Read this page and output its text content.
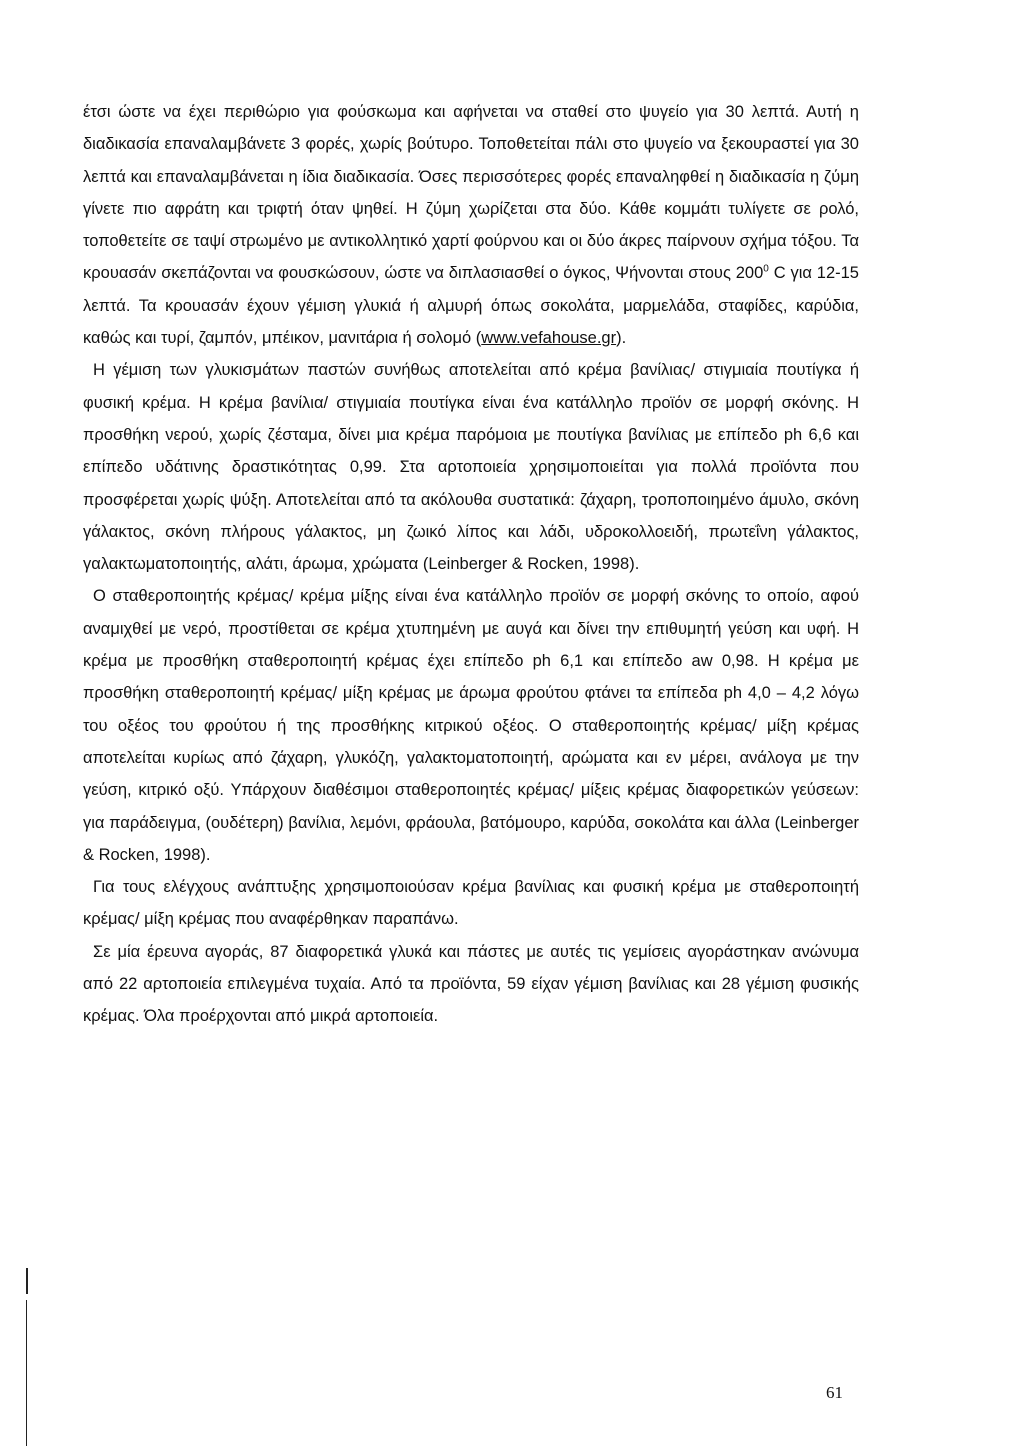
έτσι ώστε να έχει περιθώριο για φούσκωμα και αφήνεται να σταθεί στο ψυγείο για 30 λεπτά. Αυτή η διαδικασία επαναλαμβάνετε 3 φορές, χωρίς βούτυρο. Τοποθετείται πάλι στο ψυγείο να ξεκουραστεί για 30 λεπτά και επαναλαμβάνεται η ίδια διαδικασία. Όσες περισσότερες φορές επαναληφθεί η διαδικασία η ζύμη γίνετε πιο αφράτη και τριφτή όταν ψηθεί. Η ζύμη χωρίζεται στα δύο. Κάθε κομμάτι τυλίγετε σε ρολό, τοποθετείτε σε ταψί στρωμένο με αντικολλητικό χαρτί φούρνου και οι δύο άκρες παίρνουν σχήμα τόξου. Τα κρουασάν σκεπάζονται να φουσκώσουν, ώστε να διπλασιασθεί ο όγκος, Ψήνονται στους $200^0$ C για 12-15 λεπτά. Τα κρουασάν έχουν γέμιση γλυκιά ή αλμυρή όπως σοκολάτα, μαρμελάδα, σταφίδες, καρύδια, καθώς και τυρί, ζαμπόν, μπέικον, μανιτάρια ή σολομό (www.vefahouse.gr).

Η γέμιση των γλυκισμάτων παστών συνήθως αποτελείται από κρέμα βανίλιας/ στιγμιαία πουτίγκα ή φυσική κρέμα. Η κρέμα βανίλια/ στιγμιαία πουτίγκα είναι ένα κατάλληλο προϊόν σε μορφή σκόνης. Η προσθήκη νερού, χωρίς ζέσταμα, δίνει μια κρέμα παρόμοια με πουτίγκα βανίλιας με επίπεδο ph 6,6 και επίπεδο υδάτινης δραστικότητας 0,99. Στα αρτοποιεία χρησιμοποιείται για πολλά προϊόντα που προσφέρεται χωρίς ψύξη. Αποτελείται από τα ακόλουθα συστατικά: ζάχαρη, τροποποιημένο άμυλο, σκόνη γάλακτος, σκόνη πλήρους γάλακτος, μη ζωικό λίπος και λάδι, υδροκολλοειδή, πρωτεΐνη γάλακτος, γαλακτωματοποιητής, αλάτι, άρωμα, χρώματα (Leinberger & Rocken, 1998).

Ο σταθεροποιητής κρέμας/ κρέμα μίξης είναι ένα κατάλληλο προϊόν σε μορφή σκόνης το οποίο, αφού αναμιχθεί με νερό, προστίθεται σε κρέμα χτυπημένη με αυγά και δίνει την επιθυμητή γεύση και υφή. Η κρέμα με προσθήκη σταθεροποιητή κρέμας έχει επίπεδο ph 6,1 και επίπεδο aw 0,98. Η κρέμα με προσθήκη σταθεροποιητή κρέμας/ μίξη κρέμας με άρωμα φρούτου φτάνει τα επίπεδα ph 4,0 – 4,2 λόγω του οξέος του φρούτου ή της προσθήκης κιτρικού οξέος. Ο σταθεροποιητής κρέμας/ μίξη κρέμας αποτελείται κυρίως από ζάχαρη, γλυκόζη, γαλακτοματοποιητή, αρώματα και εν μέρει, ανάλογα με την γεύση, κιτρικό οξύ. Υπάρχουν διαθέσιμοι σταθεροποιητές κρέμας/ μίξεις κρέμας διαφορετικών γεύσεων: για παράδειγμα, (ουδέτερη) βανίλια, λεμόνι, φράουλα, βατόμουρο, καρύδα, σοκολάτα και άλλα (Leinberger & Rocken, 1998).

Για τους ελέγχους ανάπτυξης χρησιμοποιούσαν κρέμα βανίλιας και φυσική κρέμα με σταθεροποιητή κρέμας/ μίξη κρέμας που αναφέρθηκαν παραπάνω.

Σε μία έρευνα αγοράς, 87 διαφορετικά γλυκά και πάστες με αυτές τις γεμίσεις αγοράστηκαν ανώνυμα από 22 αρτοποιεία επιλεγμένα τυχαία. Από τα προϊόντα, 59 είχαν γέμιση βανίλιας και 28 γέμιση φυσικής κρέμας. Όλα προέρχονται από μικρά αρτοποιεία.

61
